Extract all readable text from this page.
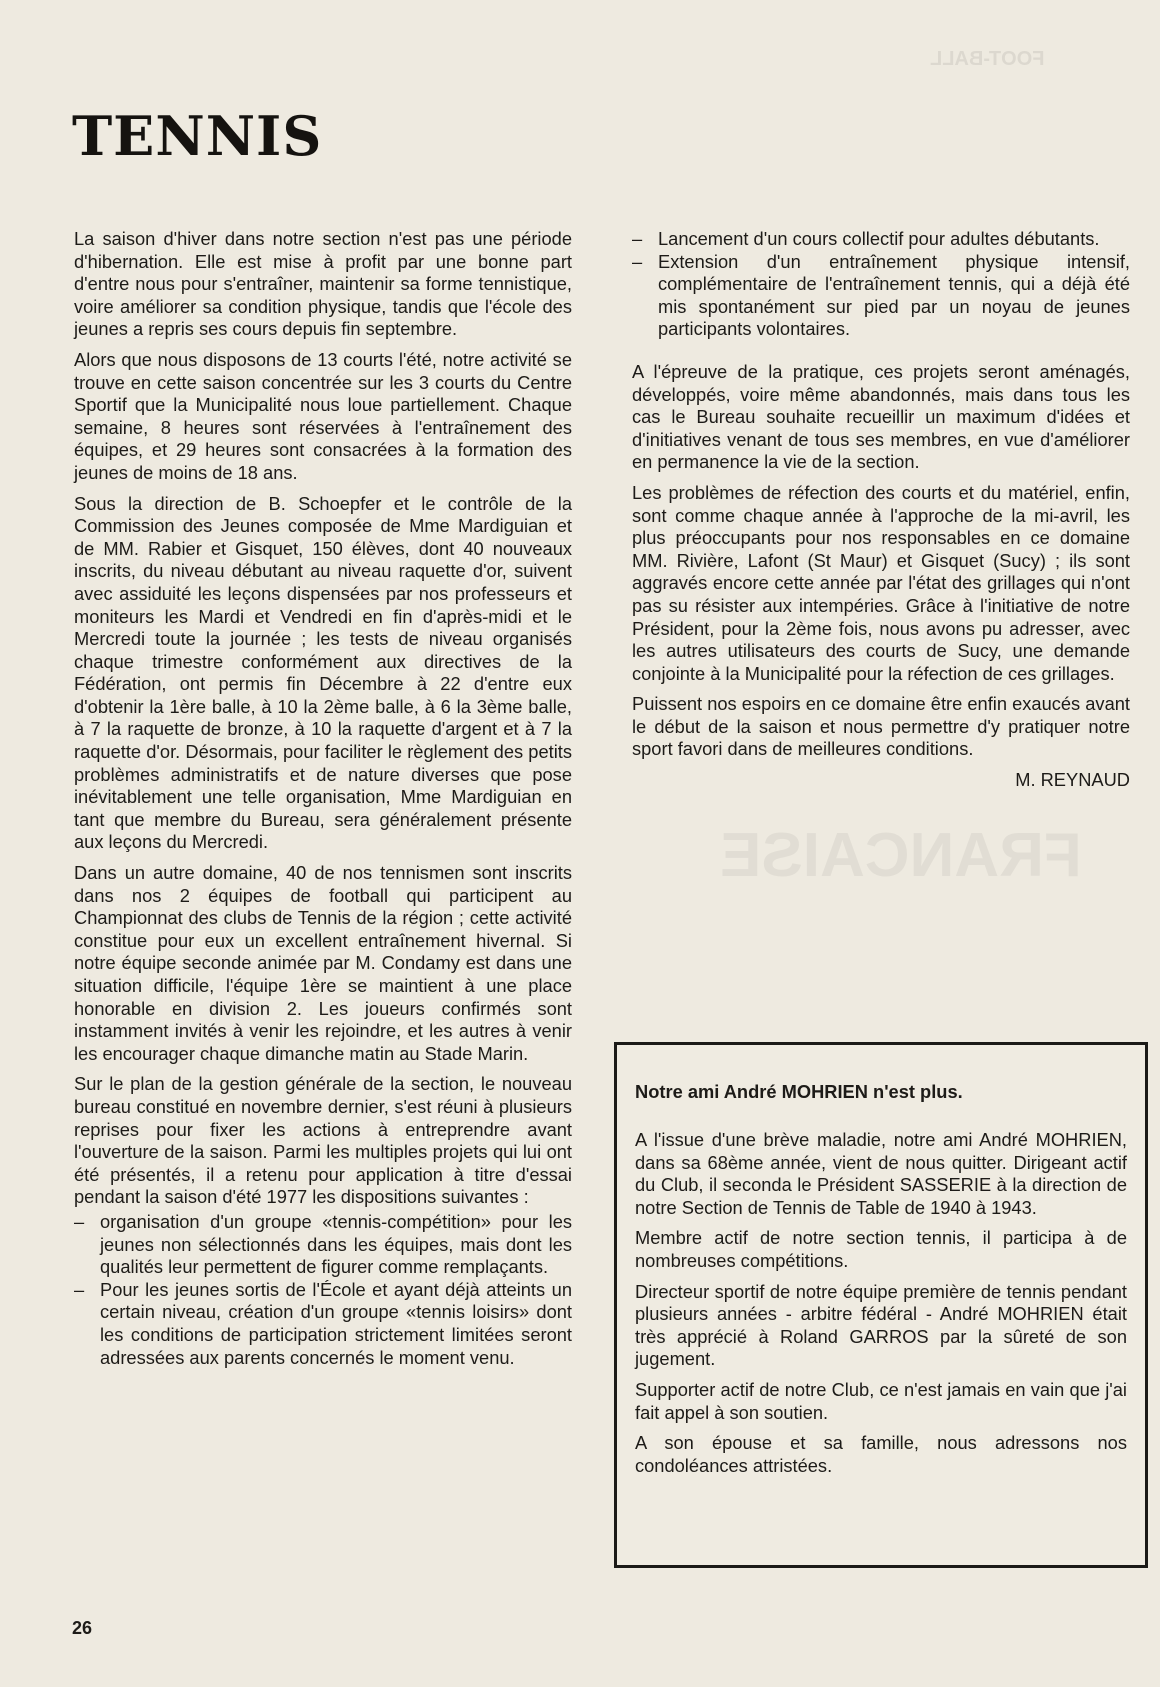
FOOT-BALL
FRANCAISE
TENNIS

La saison d'hiver dans notre section n'est pas une période d'hibernation. Elle est mise à profit par une bonne part d'entre nous pour s'entraîner, maintenir sa forme tennistique, voire améliorer sa condition physique, tandis que l'école des jeunes a repris ses cours depuis fin septembre.

Alors que nous disposons de 13 courts l'été, notre activité se trouve en cette saison concentrée sur les 3 courts du Centre Sportif que la Municipalité nous loue partiellement. Chaque semaine, 8 heures sont réservées à l'entraînement des équipes, et 29 heures sont consacrées à la formation des jeunes de moins de 18 ans.

Sous la direction de B. Schoepfer et le contrôle de la Commission des Jeunes composée de Mme Mardiguian et de MM. Rabier et Gisquet, 150 élèves, dont 40 nouveaux inscrits, du niveau débutant au niveau raquette d'or, suivent avec assiduité les leçons dispensées par nos professeurs et moniteurs les Mardi et Vendredi en fin d'après-midi et le Mercredi toute la journée ; les tests de niveau organisés chaque trimestre conformément aux directives de la Fédération, ont permis fin Décembre à 22 d'entre eux d'obtenir la 1ère balle, à 10 la 2ème balle, à 6 la 3ème balle, à 7 la raquette de bronze, à 10 la raquette d'argent et à 7 la raquette d'or. Désormais, pour faciliter le règlement des petits problèmes administratifs et de nature diverses que pose inévitablement une telle organisation, Mme Mardiguian en tant que membre du Bureau, sera généralement présente aux leçons du Mercredi.

Dans un autre domaine, 40 de nos tennismen sont inscrits dans nos 2 équipes de football qui participent au Championnat des clubs de Tennis de la région ; cette activité constitue pour eux un excellent entraînement hivernal. Si notre équipe seconde animée par M. Condamy est dans une situation difficile, l'équipe 1ère se maintient à une place honorable en division 2. Les joueurs confirmés sont instamment invités à venir les rejoindre, et les autres à venir les encourager chaque dimanche matin au Stade Marin.

Sur le plan de la gestion générale de la section, le nouveau bureau constitué en novembre dernier, s'est réuni à plusieurs reprises pour fixer les actions à entreprendre avant l'ouverture de la saison. Parmi les multiples projets qui lui ont été présentés, il a retenu pour application à titre d'essai pendant la saison d'été 1977 les dispositions suivantes :

– organisation d'un groupe «tennis-compétition» pour les jeunes non sélectionnés dans les équipes, mais dont les qualités leur permettent de figurer comme remplaçants.
– Pour les jeunes sortis de l'École et ayant déjà atteints un certain niveau, création d'un groupe «tennis loisirs» dont les conditions de participation strictement limitées seront adressées aux parents concernés le moment venu.
– Lancement d'un cours collectif pour adultes débutants.
– Extension d'un entraînement physique intensif, complémentaire de l'entraînement tennis, qui a déjà été mis spontanément sur pied par un noyau de jeunes participants volontaires.

A l'épreuve de la pratique, ces projets seront aménagés, développés, voire même abandonnés, mais dans tous les cas le Bureau souhaite recueillir un maximum d'idées et d'initiatives venant de tous ses membres, en vue d'améliorer en permanence la vie de la section.

Les problèmes de réfection des courts et du matériel, enfin, sont comme chaque année à l'approche de la mi-avril, les plus préoccupants pour nos responsables en ce domaine MM. Rivière, Lafont (St Maur) et Gisquet (Sucy) ; ils sont aggravés encore cette année par l'état des grillages qui n'ont pas su résister aux intempéries. Grâce à l'initiative de notre Président, pour la 2ème fois, nous avons pu adresser, avec les autres utilisateurs des courts de Sucy, une demande conjointe à la Municipalité pour la réfection de ces grillages.

Puissent nos espoirs en ce domaine être enfin exaucés avant le début de la saison et nous permettre d'y pratiquer notre sport favori dans de meilleures conditions.

M. REYNAUD
Notre ami André MOHRIEN n'est plus.

A l'issue d'une brève maladie, notre ami André MOHRIEN, dans sa 68ème année, vient de nous quitter. Dirigeant actif du Club, il seconda le Président SASSERIE à la direction de notre Section de Tennis de Table de 1940 à 1943.

Membre actif de notre section tennis, il participa à de nombreuses compétitions.

Directeur sportif de notre équipe première de tennis pendant plusieurs années - arbitre fédéral - André MOHRIEN était très apprécié à Roland GARROS par la sûreté de son jugement.

Supporter actif de notre Club, ce n'est jamais en vain que j'ai fait appel à son soutien.

A son épouse et sa famille, nous adressons nos condoléances attristées.

26
